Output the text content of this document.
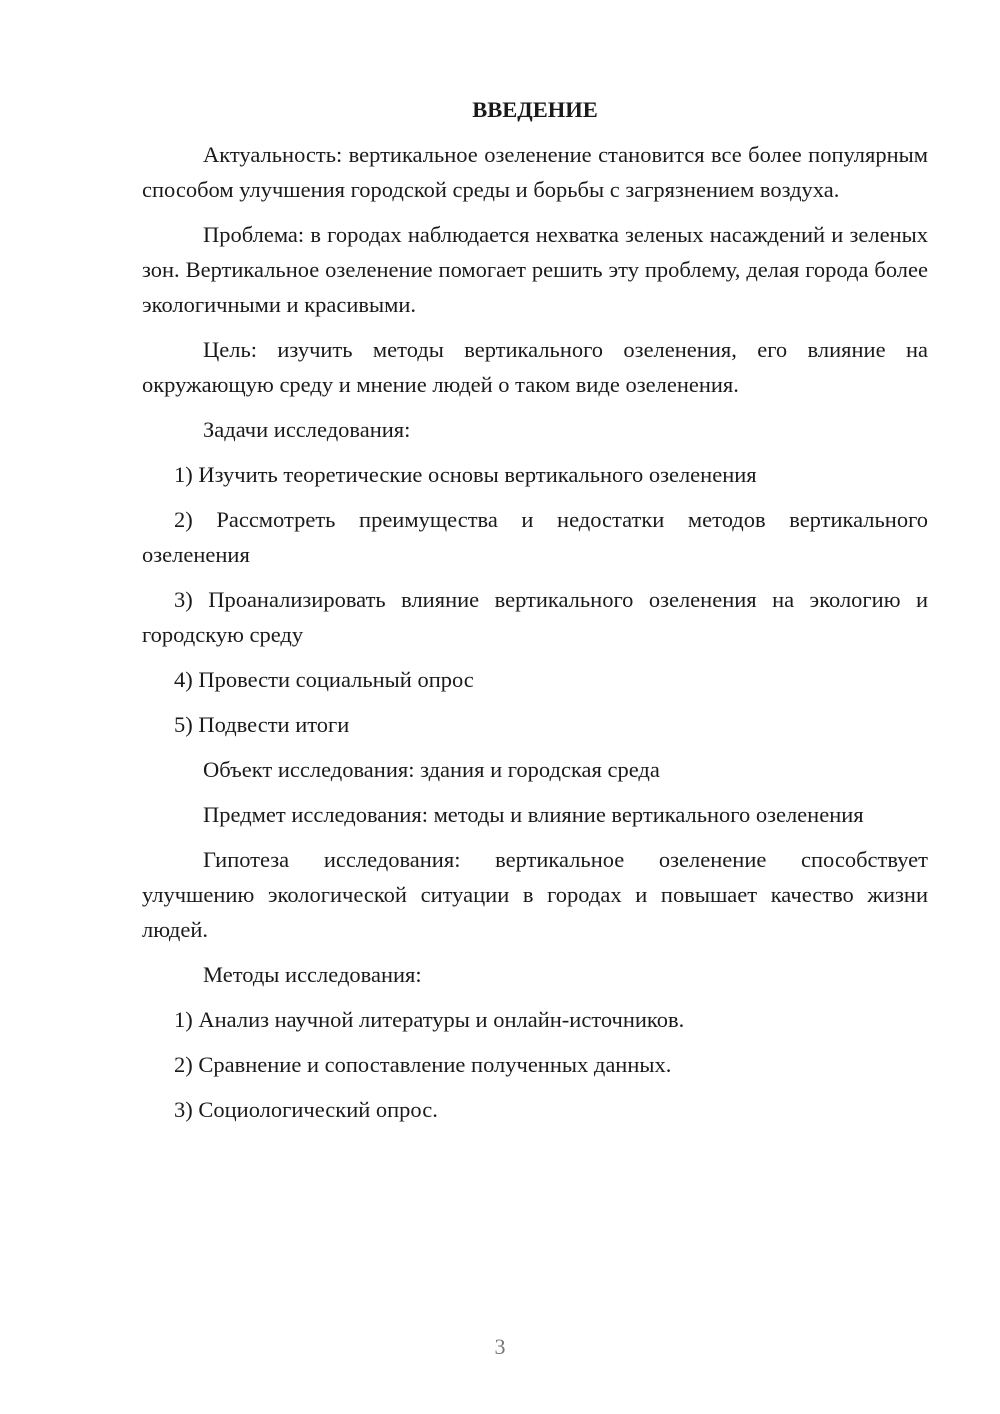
ВВЕДЕНИЕ

Актуальность: вертикальное озеленение становится все более популярным способом улучшения городской среды и борьбы с загрязнением воздуха.

Проблема: в городах наблюдается нехватка зеленых насаждений и зеленых зон. Вертикальное озеленение помогает решить эту проблему, делая города более экологичными и красивыми.

Цель: изучить методы вертикального озеленения, его влияние на окружающую среду и мнение людей о таком виде озеленения.

Задачи исследования:

1) Изучить теоретические основы вертикального озеленения

2) Рассмотреть преимущества и недостатки методов вертикального озеленения

3) Проанализировать влияние вертикального озеленения на экологию и городскую среду

4) Провести социальный опрос

5) Подвести итоги

Объект исследования: здания и городская среда

Предмет исследования: методы и влияние вертикального озеленения

Гипотеза исследования: вертикальное озеленение способствует улучшению экологической ситуации в городах и повышает качество жизни людей.

Методы исследования:

1) Анализ научной литературы и онлайн-источников.

2) Сравнение и сопоставление полученных данных.

3) Социологический опрос.

3
